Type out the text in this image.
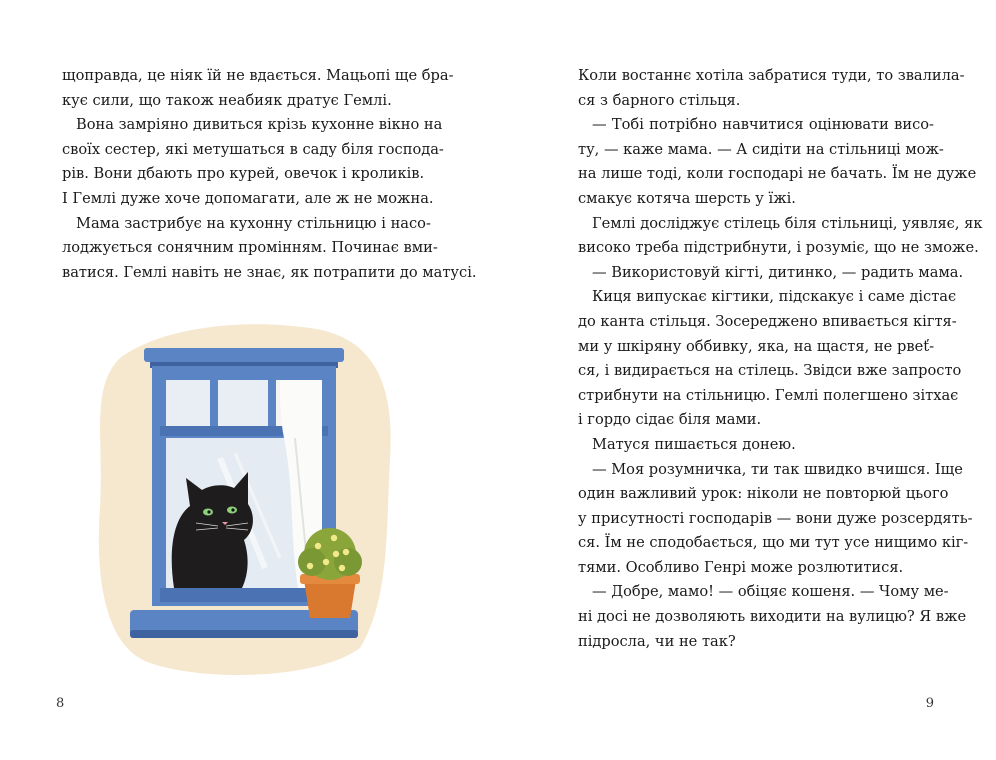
щоправда, це ніяк їй не вдається. Мацьопі ще бра-
кує сили, що також неабияк дратує Гемлі.
Вона замріяно дивиться крізь кухонне вікно на
своїх сестер, які метушаться в саду біля господа-
рів. Вони дбають про курей, овечок і кроликів.
І Гемлі дуже хоче допомагати, але ж не можна.
Мама застрибує на кухонну стільницю і насо-
лоджується сонячним промінням. Починає вми-
ватися. Гемлі навіть не знає, як потрапити до матусі.
8
Коли востаннє хотіла забратися туди, то звалила-
ся з барного стільця.
— Тобі потрібно навчитися оцінювати висо-
ту, — каже мама. — А сидіти на стільниці мож-
на лише тоді, коли господарі не бачать. Їм не дуже
смакує котяча шерсть у їжі.
Гемлі досліджує стілець біля стільниці, уявляє, як
високо треба підстрибнути, і розуміє, що не зможе.
— Використовуй кігті, дитинко, — радить мама.
Киця випускає кігтики, підскакує і саме дістає
до канта стільця. Зосереджено впивається кігтя-
ми у шкіряну оббивку, яка, на щастя, не рвеť-
ся, і видирається на стілець. Звідси вже запросто
стрибнути на стільницю. Гемлі полегшено зітхає
і гордо сідає біля мами.
Матуся пишається донею.
— Моя розумничка, ти так швидко вчишся. Іще
один важливий урок: ніколи не повторюй цього
у присутності господарів — вони дуже розсердять-
ся. Їм не сподобається, що ми тут усе нищимо кіг-
тями. Особливо Генрі може розлютитися.
— Добре, мамо! — обіцяє кошеня. — Чому ме-
ні досі не дозволяють виходити на вулицю? Я вже
підросла, чи не так?
9
